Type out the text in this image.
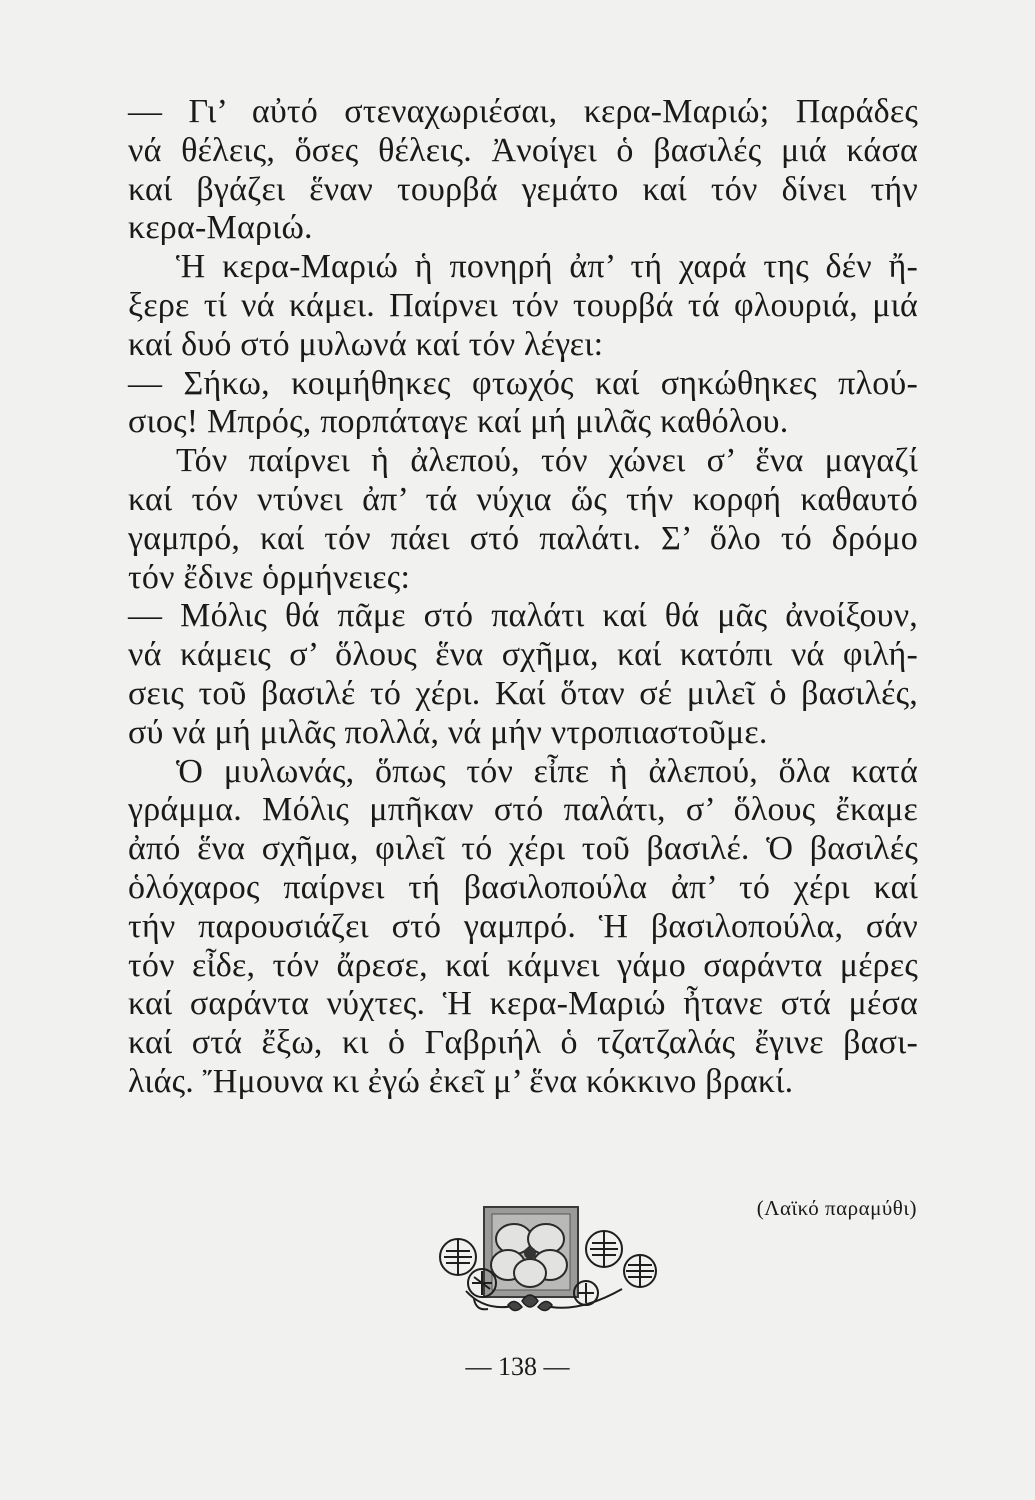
— Γι’ αὐτό στεναχωριέσαι, κερα-Μαριώ; Παράδες
νά θέλεις, ὅσες θέλεις. Ἀνοίγει ὁ βασιλές μιά κάσα
καί βγάζει ἕναν τουρβά γεμάτο καί τόν δίνει τήν
κερα-Μαριώ.
Ἡ κερα-Μαριώ ἡ πονηρή ἀπ’ τή χαρά της δέν ἤ-
ξερε τί νά κάμει. Παίρνει τόν τουρβά τά φλουριά, μιά
καί δυό στό μυλωνά καί τόν λέγει:
— Σήκω, κοιμήθηκες φτωχός καί σηκώθηκες πλού-
σιος! Μπρός, πορπάταγε καί μή μιλᾶς καθόλου.
Τόν παίρνει ἡ ἀλεπού, τόν χώνει σ’ ἕνα μαγαζί
καί τόν ντύνει ἀπ’ τά νύχια ὥς τήν κορφή καθαυτό
γαμπρό, καί τόν πάει στό παλάτι. Σ’ ὅλο τό δρόμο
τόν ἔδινε ὁρμήνειες:
— Μόλις θά πᾶμε στό παλάτι καί θά μᾶς ἀνοίξουν,
νά κάμεις σ’ ὅλους ἕνα σχῆμα, καί κατόπι νά φιλή-
σεις τοῦ βασιλέ τό χέρι. Καί ὅταν σέ μιλεῖ ὁ βασιλές,
σύ νά μή μιλᾶς πολλά, νά μήν ντροπιαστοῦμε.
Ὁ μυλωνάς, ὅπως τόν εἶπε ἡ ἀλεπού, ὅλα κατά
γράμμα. Μόλις μπῆκαν στό παλάτι, σ’ ὅλους ἔκαμε
ἀπό ἕνα σχῆμα, φιλεῖ τό χέρι τοῦ βασιλέ. Ὁ βασιλές
ὁλόχαρος παίρνει τή βασιλοπούλα ἀπ’ τό χέρι καί
τήν παρουσιάζει στό γαμπρό. Ἡ βασιλοπούλα, σάν
τόν εἶδε, τόν ἄρεσε, καί κάμνει γάμο σαράντα μέρες
καί σαράντα νύχτες. Ἡ κερα-Μαριώ ἦτανε στά μέσα
καί στά ἔξω, κι ὁ Γαβριήλ ὁ τζατζαλάς ἔγινε βασι-
λιάς. Ἤμουνα κι ἐγώ ἐκεῖ μ’ ἕνα κόκκινο βρακί.
(Λαϊκό παραμύθι)
— 138 —
